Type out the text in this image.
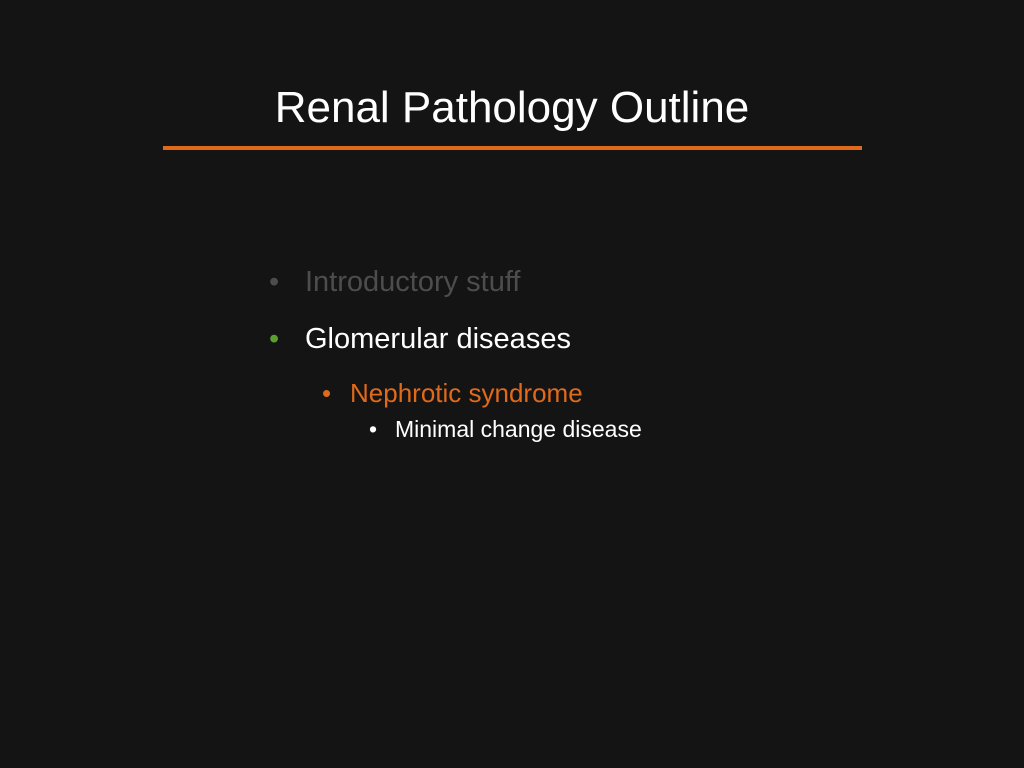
Renal Pathology Outline
• Introductory stuff
• Glomerular diseases
• Nephrotic syndrome
• Minimal change disease
